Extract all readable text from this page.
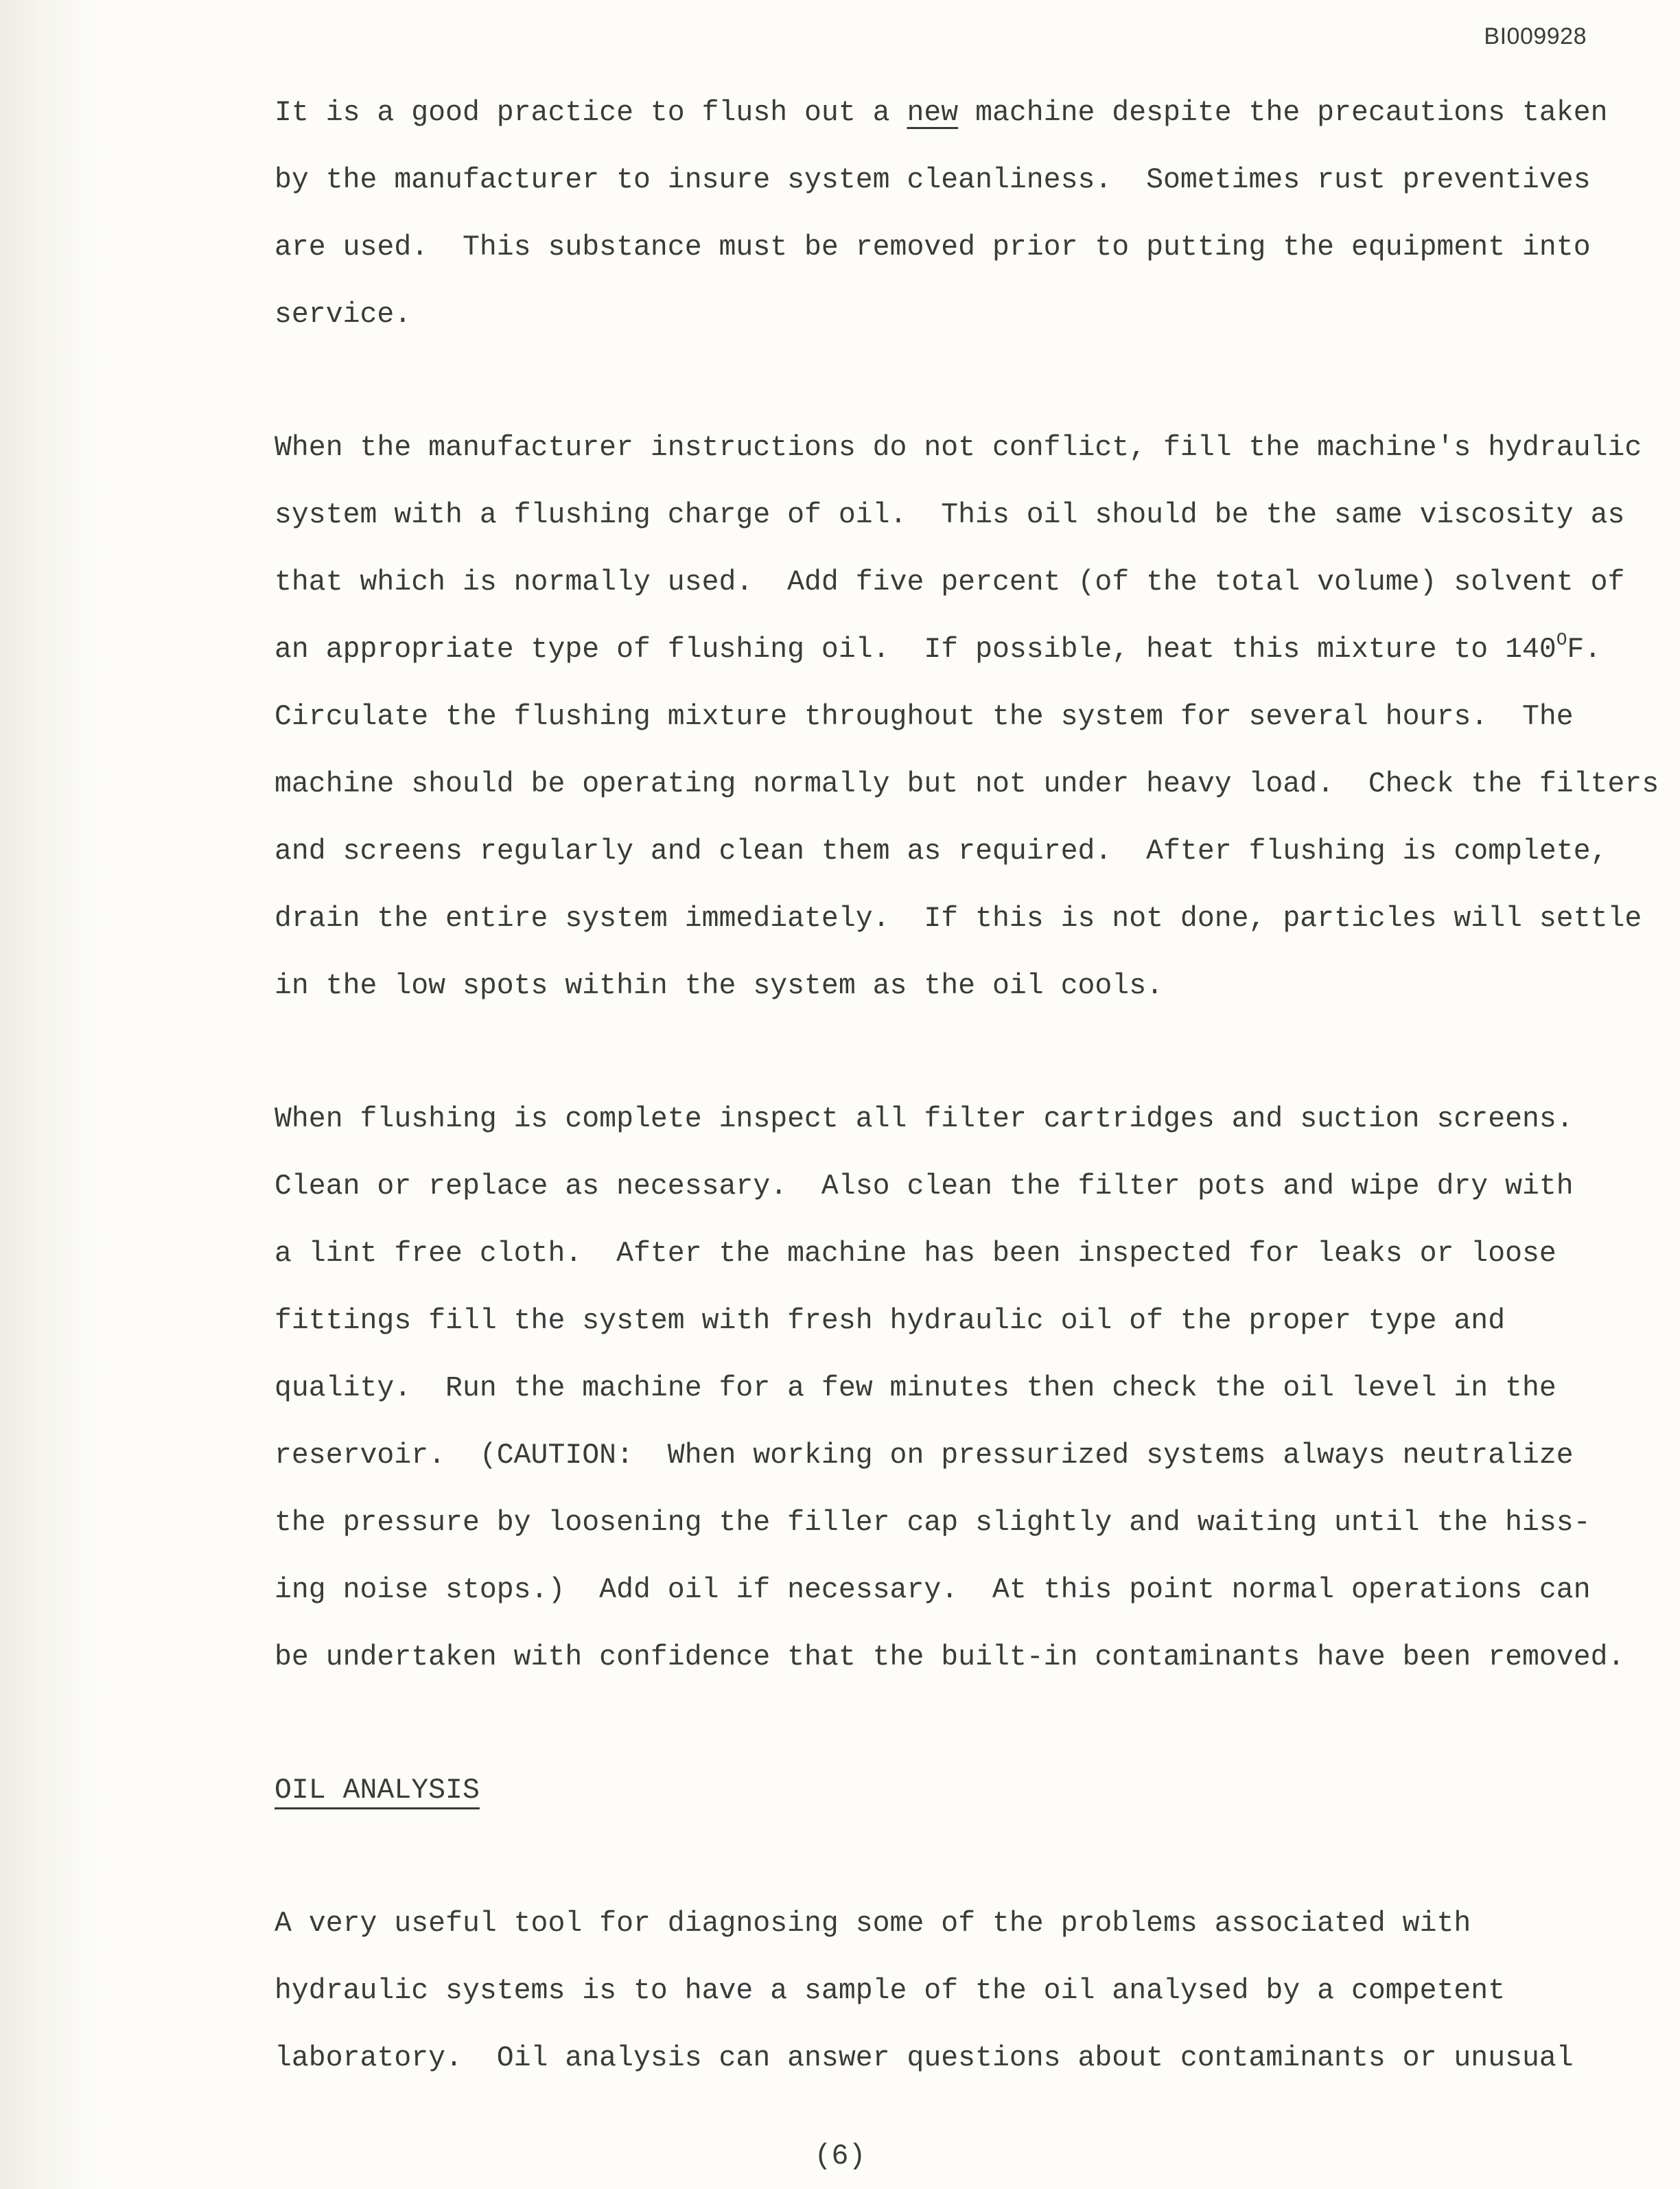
BI009928
It is a good practice to flush out a new machine despite the precautions taken
by the manufacturer to insure system cleanliness.  Sometimes rust preventives
are used.  This substance must be removed prior to putting the equipment into
service.
When the manufacturer instructions do not conflict, fill the machine's hydraulic
system with a flushing charge of oil.  This oil should be the same viscosity as
that which is normally used.  Add five percent (of the total volume) solvent of
an appropriate type of flushing oil.  If possible, heat this mixture to $140^OF$.
Circulate the flushing mixture throughout the system for several hours.  The
machine should be operating normally but not under heavy load.  Check the filters
and screens regularly and clean them as required.  After flushing is complete,
drain the entire system immediately.  If this is not done, particles will settle
in the low spots within the system as the oil cools.
When flushing is complete inspect all filter cartridges and suction screens.
Clean or replace as necessary.  Also clean the filter pots and wipe dry with
a lint free cloth.  After the machine has been inspected for leaks or loose
fittings fill the system with fresh hydraulic oil of the proper type and
quality.  Run the machine for a few minutes then check the oil level in the
reservoir.  (CAUTION:  When working on pressurized systems always neutralize
the pressure by loosening the filler cap slightly and waiting until the hiss-
ing noise stops.)  Add oil if necessary.  At this point normal operations can
be undertaken with confidence that the built-in contaminants have been removed.
OIL ANALYSIS
A very useful tool for diagnosing some of the problems associated with
hydraulic systems is to have a sample of the oil analysed by a competent
laboratory.  Oil analysis can answer questions about contaminants or unusual
(6)
